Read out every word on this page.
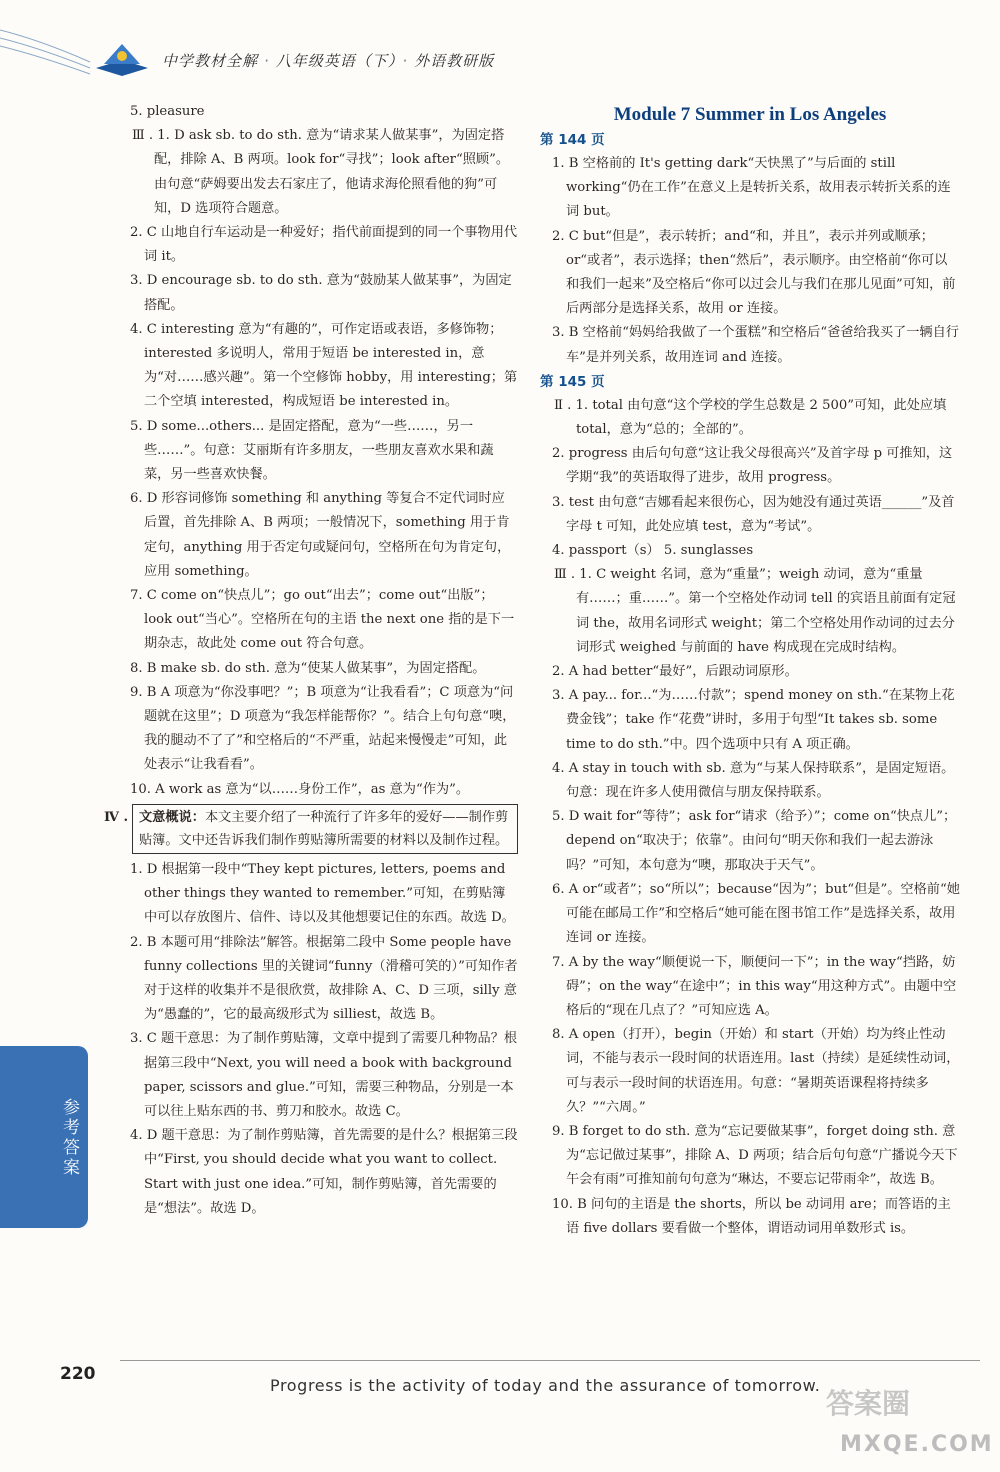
中学教材全解 · 八年级英语（下） · 外语教研版

5. pleasure

Ⅲ . 1. D ask sb. to do sth. 意为“请求某人做某事”，为固定搭配，排除 A、B 两项。look for“寻找”；look after“照顾”。由句意“萨姆要出发去石家庄了，他请求海伦照看他的狗”可知，D 选项符合题意。

2. C 山地自行车运动是一种爱好；指代前面提到的同一个事物用代词 it。

3. D encourage sb. to do sth. 意为“鼓励某人做某事”，为固定搭配。

4. C interesting 意为“有趣的”，可作定语或表语，多修饰物；interested 多说明人，常用于短语 be interested in，意为“对……感兴趣”。第一个空修饰 hobby，用 interesting；第二个空填 interested，构成短语 be interested in。

5. D some...others... 是固定搭配，意为“一些……，另一些……”。句意：艾丽斯有许多朋友，一些朋友喜欢水果和蔬菜，另一些喜欢快餐。

6. D 形容词修饰 something 和 anything 等复合不定代词时应后置，首先排除 A、B 两项；一般情况下，something 用于肯定句，anything 用于否定句或疑问句，空格所在句为肯定句，应用 something。

7. C come on“快点儿”；go out“出去”；come out“出版”；look out“当心”。空格所在句的主语 the next one 指的是下一期杂志，故此处 come out 符合句意。

8. B make sb. do sth. 意为“使某人做某事”，为固定搭配。

9. B A 项意为“你没事吧？”；B 项意为“让我看看”；C 项意为“问题就在这里”；D 项意为“我怎样能帮你？”。结合上句句意“噢，我的腿动不了了”和空格后的“不严重，站起来慢慢走”可知，此处表示“让我看看”。

10. A work as 意为“以……身份工作”，as 意为“作为”。

Ⅳ . 文意概说：本文主要介绍了一种流行了许多年的爱好——制作剪贴簿。文中还告诉我们制作剪贴簿所需要的材料以及制作过程。

1. D 根据第一段中“They kept pictures, letters, poems and other things they wanted to remember.”可知，在剪贴簿中可以存放图片、信件、诗以及其他想要记住的东西。故选 D。

2. B 本题可用“排除法”解答。根据第二段中 Some people have funny collections 里的关键词“funny（滑稽可笑的）”可知作者对于这样的收集并不是很欣赏，故排除 A、C、D 三项，silly 意为“愚蠢的”，它的最高级形式为 silliest，故选 B。

3. C 题干意思：为了制作剪贴簿，文章中提到了需要几种物品？根据第三段中“Next, you will need a book with background paper, scissors and glue.”可知，需要三种物品，分别是一本可以往上贴东西的书、剪刀和胶水。故选 C。

4. D 题干意思：为了制作剪贴簿，首先需要的是什么？根据第三段中“First, you should decide what you want to collect. Start with just one idea.”可知，制作剪贴簿，首先需要的是“想法”。故选 D。

Module 7 Summer in Los Angeles

第 144 页

1. B 空格前的 It's getting dark“天快黑了”与后面的 still working“仍在工作”在意义上是转折关系，故用表示转折关系的连词 but。

2. C but“但是”，表示转折；and“和，并且”，表示并列或顺承；or“或者”，表示选择；then“然后”，表示顺序。由空格前“你可以和我们一起来”及空格后“你可以过会儿与我们在那儿见面”可知，前后两部分是选择关系，故用 or 连接。

3. B 空格前“妈妈给我做了一个蛋糕”和空格后“爸爸给我买了一辆自行车”是并列关系，故用连词 and 连接。

第 145 页

Ⅱ . 1. total 由句意“这个学校的学生总数是 2 500”可知，此处应填 total，意为“总的；全部的”。

2. progress 由后句句意“这让我父母很高兴”及首字母 p 可推知，这学期“我”的英语取得了进步，故用 progress。

3. test 由句意“吉娜看起来很伤心，因为她没有通过英语______”及首字母 t 可知，此处应填 test，意为“考试”。

4. passport（s） 5. sunglasses

Ⅲ . 1. C weight 名词，意为“重量”；weigh 动词，意为“重量有……；重……”。第一个空格处作动词 tell 的宾语且前面有定冠词 the，故用名词形式 weight；第二个空格处用作动词的过去分词形式 weighed 与前面的 have 构成现在完成时结构。

2. A had better“最好”，后跟动词原形。

3. A pay... for...“为……付款”；spend money on sth.“在某物上花费金钱”；take 作“花费”讲时，多用于句型“It takes sb. some time to do sth.”中。四个选项中只有 A 项正确。

4. A stay in touch with sb. 意为“与某人保持联系”，是固定短语。句意：现在许多人使用微信与朋友保持联系。

5. D wait for“等待”；ask for“请求（给予）”；come on“快点儿”；depend on“取决于；依靠”。由问句“明天你和我们一起去游泳吗？”可知，本句意为“噢，那取决于天气”。

6. A or“或者”；so“所以”；because“因为”；but“但是”。空格前“她可能在邮局工作”和空格后“她可能在图书馆工作”是选择关系，故用连词 or 连接。

7. A by the way“顺便说一下，顺便问一下”；in the way“挡路，妨碍”；on the way“在途中”；in this way“用这种方式”。由题中空格后的“现在几点了？”可知应选 A。

8. A open（打开），begin（开始）和 start（开始）均为终止性动词，不能与表示一段时间的状语连用。last（持续）是延续性动词，可与表示一段时间的状语连用。句意：“暑期英语课程将持续多久？”“六周。”

9. B forget to do sth. 意为“忘记要做某事”，forget doing sth. 意为“忘记做过某事”，排除 A、D 两项；结合后句句意“广播说今天下午会有雨”可推知前句句意为“琳达，不要忘记带雨伞”，故选 B。

10. B 问句的主语是 the shorts，所以 be 动词用 are；而答语的主语 five dollars 要看做一个整体，谓语动词用单数形式 is。

参考答案
220
Progress is the activity of today and the assurance of tomorrow.
答案圈
MXQE.COM
